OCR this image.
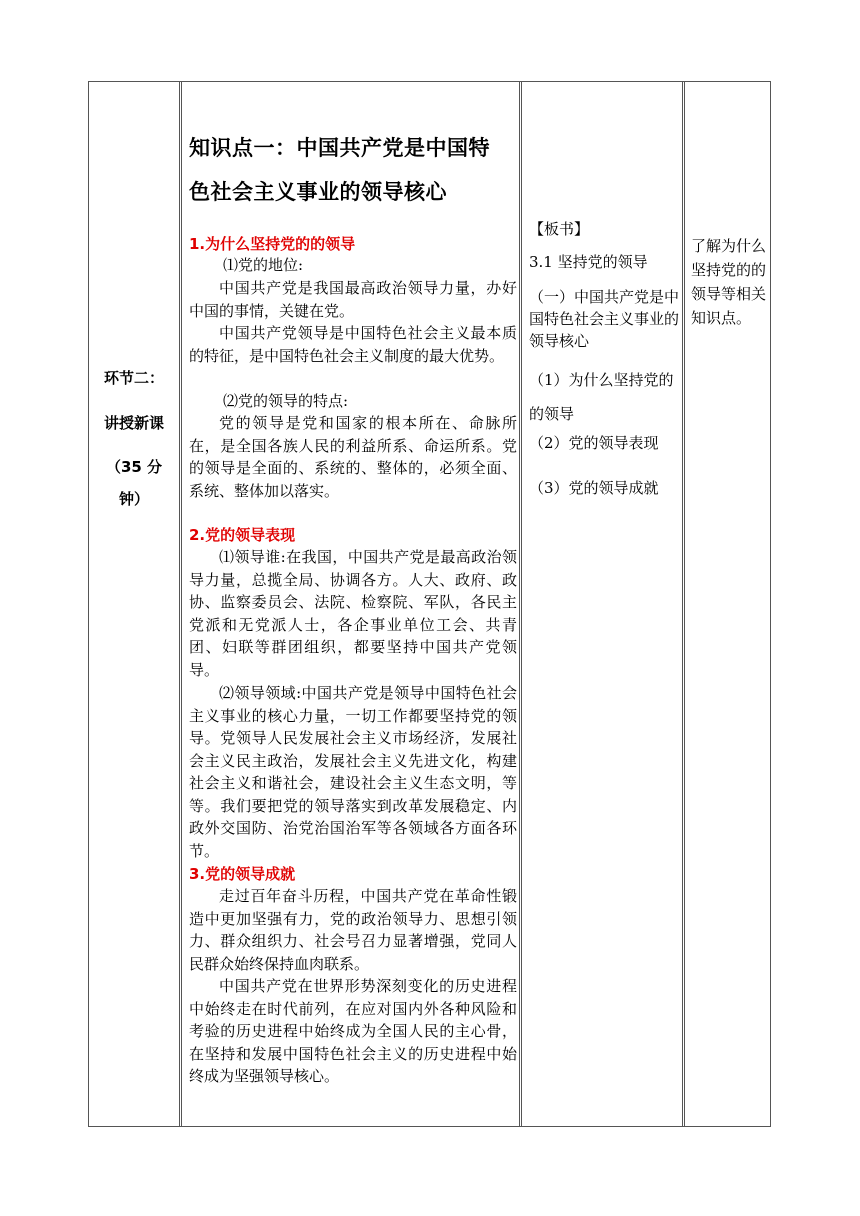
环节二：
讲授新课
（35 分
钟）
知识点一：中国共产党是中国特
色社会主义事业的领导核心
1.为什么坚持党的的领导
⑴党的地位:
中国共产党是我国最高政治领导力量，办好中国的事情，关键在党。
中国共产党领导是中国特色社会主义最本质的特征，是中国特色社会主义制度的最大优势。
⑵党的领导的特点:
党的领导是党和国家的根本所在、命脉所在，是全国各族人民的利益所系、命运所系。党的领导是全面的、系统的、整体的，必须全面、系统、整体加以落实。
2.党的领导表现
⑴领导谁:在我国，中国共产党是最高政治领导力量，总揽全局、协调各方。人大、政府、政协、监察委员会、法院、检察院、军队，各民主党派和无党派人士，各企事业单位工会、共青团、妇联等群团组织，都要坚持中国共产党领导。
⑵领导领域:中国共产党是领导中国特色社会主义事业的核心力量，一切工作都要坚持党的领导。党领导人民发展社会主义市场经济，发展社会主义民主政治，发展社会主义先进文化，构建社会主义和谐社会，建设社会主义生态文明，等等。我们要把党的领导落实到改革发展稳定、内政外交国防、治党治国治军等各领域各方面各环节。
3.党的领导成就
走过百年奋斗历程，中国共产党在革命性锻造中更加坚强有力，党的政治领导力、思想引领力、群众组织力、社会号召力显著增强，党同人民群众始终保持血肉联系。
中国共产党在世界形势深刻变化的历史进程中始终走在时代前列，在应对国内外各种风险和考验的历史进程中始终成为全国人民的主心骨，在坚持和发展中国特色社会主义的历史进程中始终成为坚强领导核心。
【板书】
3.1 坚持党的领导
（一）中国共产党是中国特色社会主义事业的领导核心
（1）为什么坚持党的的领导
（2）党的领导表现
（3）党的领导成就
了解为什么坚持党的的领导等相关知识点。
